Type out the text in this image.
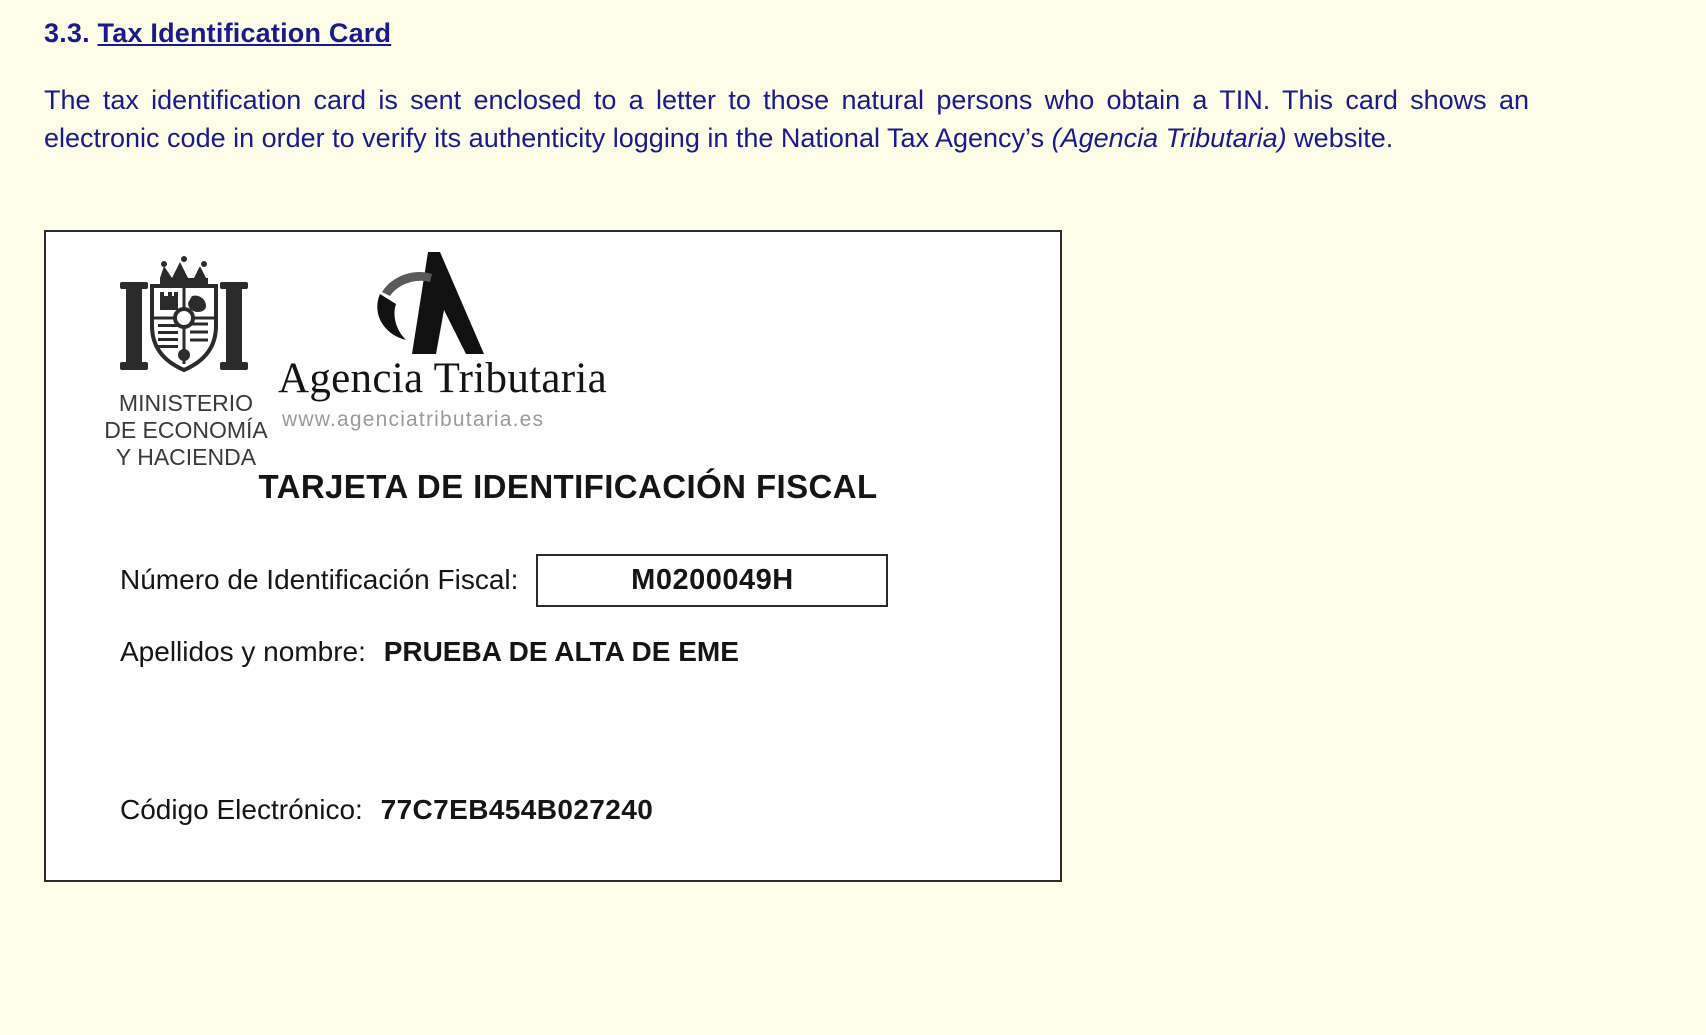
3.3. Tax Identification Card
The tax identification card is sent enclosed to a letter to those natural persons who obtain a TIN. This card shows an electronic code in order to verify its authenticity logging in the National Tax Agency’s (Agencia Tributaria) website.
MINISTERIO
DE ECONOMÍA
Y HACIENDA
Agencia Tributaria
www.agenciatributaria.es
TARJETA DE IDENTIFICACIÓN FISCAL
Número de Identificación Fiscal:	M0200049H
Apellidos y nombre: PRUEBA DE ALTA DE EME
Código Electrónico: 77C7EB454B027240
